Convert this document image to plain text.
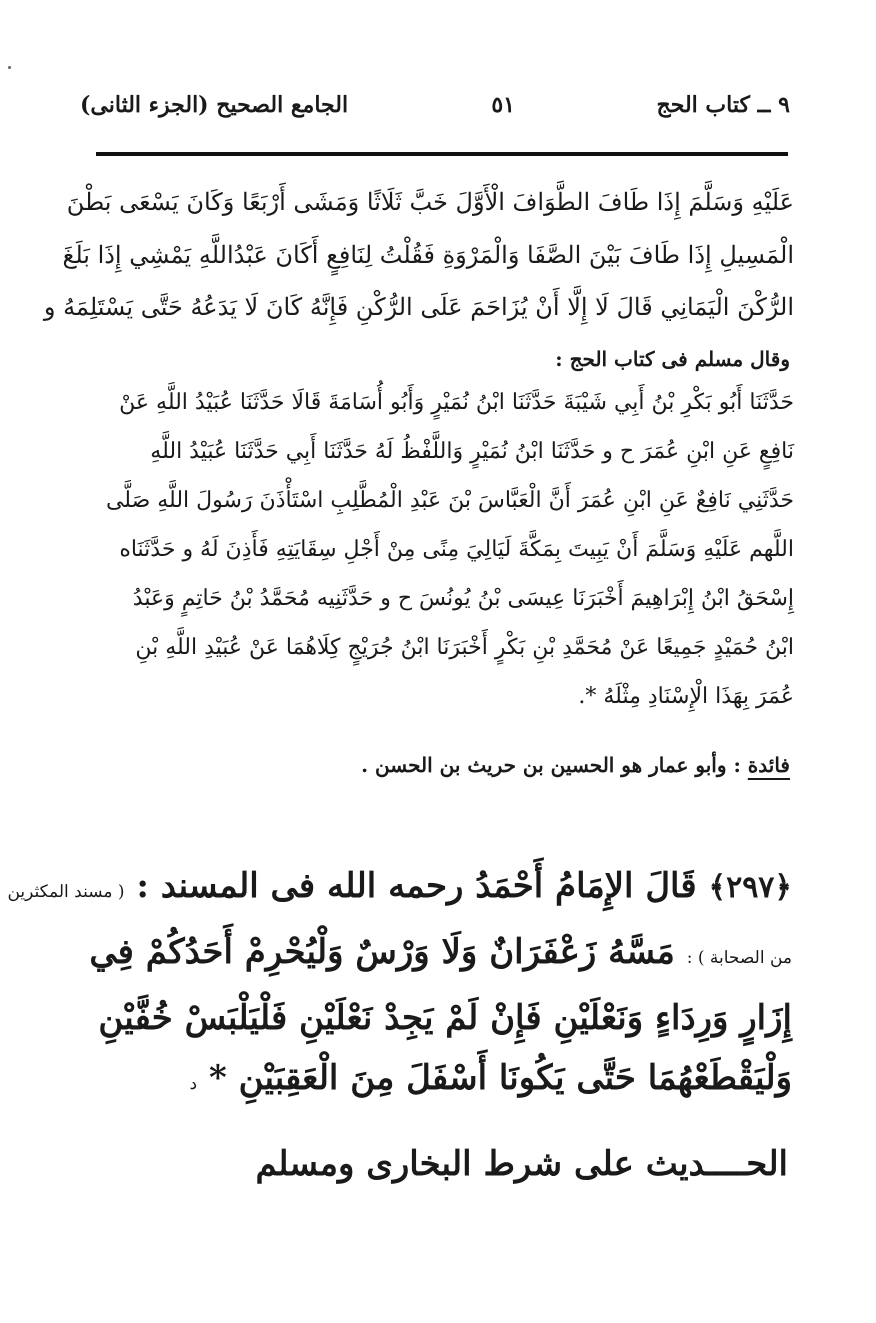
٩ ــ كتاب الحج
٥١
الجامع الصحيح (الجزء الثانى)
عَلَيْهِ وَسَلَّمَ إِذَا طَافَ الطَّوَافَ الْأَوَّلَ خَبَّ ثَلَاثًا وَمَشَى أَرْبَعًا وَكَانَ يَسْعَى بَطْنَ
الْمَسِيلِ إِذَا طَافَ بَيْنَ الصَّفَا وَالْمَرْوَةِ فَقُلْتُ لِنَافِعٍ أَكَانَ عَبْدُاللَّهِ يَمْشِي إِذَا بَلَغَ
الرُّكْنَ الْيَمَانِي قَالَ لَا إِلَّا أَنْ يُزَاحَمَ عَلَى الرُّكْنِ فَإِنَّهُ كَانَ لَا يَدَعُهُ حَتَّى يَسْتَلِمَهُ و
وقال مسلم فى كتاب الحج :
حَدَّثَنَا أَبُو بَكْرِ بْنُ أَبِي شَيْبَةَ حَدَّثَنَا ابْنُ نُمَيْرٍ وَأَبُو أُسَامَةَ قَالَا حَدَّثَنَا عُبَيْدُ اللَّهِ عَنْ
نَافِعٍ عَنِ ابْنِ عُمَرَ ح و حَدَّثَنَا ابْنُ نُمَيْرٍ وَاللَّفْظُ لَهُ حَدَّثَنَا أَبِي حَدَّثَنَا عُبَيْدُ اللَّهِ
حَدَّثَنِي نَافِعٌ عَنِ ابْنِ عُمَرَ أَنَّ الْعَبَّاسَ بْنَ عَبْدِ الْمُطَّلِبِ اسْتَأْذَنَ رَسُولَ اللَّهِ صَلَّى
اللَّهم عَلَيْهِ وَسَلَّمَ أَنْ يَبِيتَ بِمَكَّةَ لَيَالِيَ مِنًى مِنْ أَجْلِ سِقَايَتِهِ فَأَذِنَ لَهُ و حَدَّثَنَاه
إِسْحَقُ ابْنُ إِبْرَاهِيمَ أَخْبَرَنَا عِيسَى بْنُ يُونُسَ ح و حَدَّثَنِيه مُحَمَّدُ بْنُ حَاتِمٍ وَعَبْدُ
ابْنُ حُمَيْدٍ جَمِيعًا عَنْ مُحَمَّدِ بْنِ بَكْرٍ أَخْبَرَنَا ابْنُ جُرَيْجٍ كِلَاهُمَا عَنْ عُبَيْدِ اللَّهِ بْنِ
عُمَرَ بِهَذَا الْإِسْنَادِ مِثْلَهُ *.
فائدة : وأبو عمار هو الحسين بن حريث بن الحسن .
﴿٢٩٧﴾ قَالَ الإِمَامُ أَحْمَدُ رحمه الله فى المسند : ( مسند المكثرين
من الصحابة ) : مَسَّهُ زَعْفَرَانٌ وَلَا وَرْسٌ وَلْيُحْرِمْ أَحَدُكُمْ فِي
إِزَارٍ وَرِدَاءٍ وَنَعْلَيْنِ فَإِنْ لَمْ يَجِدْ نَعْلَيْنِ فَلْيَلْبَسْ خُفَّيْنِ
وَلْيَقْطَعْهُمَا حَتَّى يَكُونَا أَسْفَلَ مِنَ الْعَقِبَيْنِ * د
الحــــديث على شرط البخارى ومسلم
